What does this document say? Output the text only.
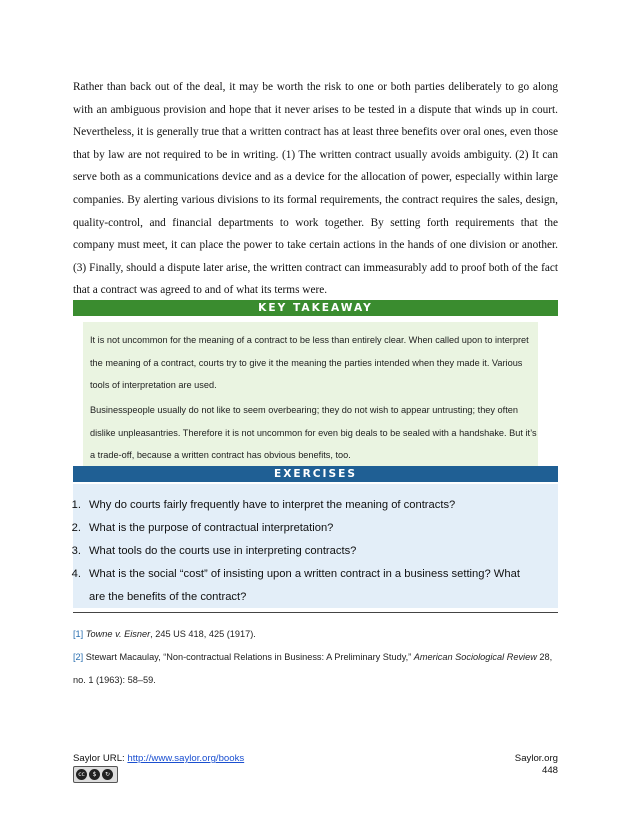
Rather than back out of the deal, it may be worth the risk to one or both parties deliberately to go along with an ambiguous provision and hope that it never arises to be tested in a dispute that winds up in court. Nevertheless, it is generally true that a written contract has at least three benefits over oral ones, even those that by law are not required to be in writing. (1) The written contract usually avoids ambiguity. (2) It can serve both as a communications device and as a device for the allocation of power, especially within large companies. By alerting various divisions to its formal requirements, the contract requires the sales, design, quality-control, and financial departments to work together. By setting forth requirements that the company must meet, it can place the power to take certain actions in the hands of one division or another. (3) Finally, should a dispute later arise, the written contract can immeasurably add to proof both of the fact that a contract was agreed to and of what its terms were.

KEY TAKEAWAY

It is not uncommon for the meaning of a contract to be less than entirely clear. When called upon to interpret the meaning of a contract, courts try to give it the meaning the parties intended when they made it. Various tools of interpretation are used.

Businesspeople usually do not like to seem overbearing; they do not wish to appear untrusting; they often dislike unpleasantries. Therefore it is not uncommon for even big deals to be sealed with a handshake. But it’s a trade-off, because a written contract has obvious benefits, too.

EXERCISES
1. Why do courts fairly frequently have to interpret the meaning of contracts?
2. What is the purpose of contractual interpretation?
3. What tools do the courts use in interpreting contracts?
4. What is the social “cost” of insisting upon a written contract in a business setting? What are the benefits of the contract?

[1] Towne v. Eisner, 245 US 418, 425 (1917).

[2] Stewart Macaulay, “Non-contractual Relations in Business: A Preliminary Study,” American Sociological Review 28, no. 1 (1963): 58–59.

Saylor URL: http://www.saylor.org/books
cc	$	↻
Saylor.org
448
